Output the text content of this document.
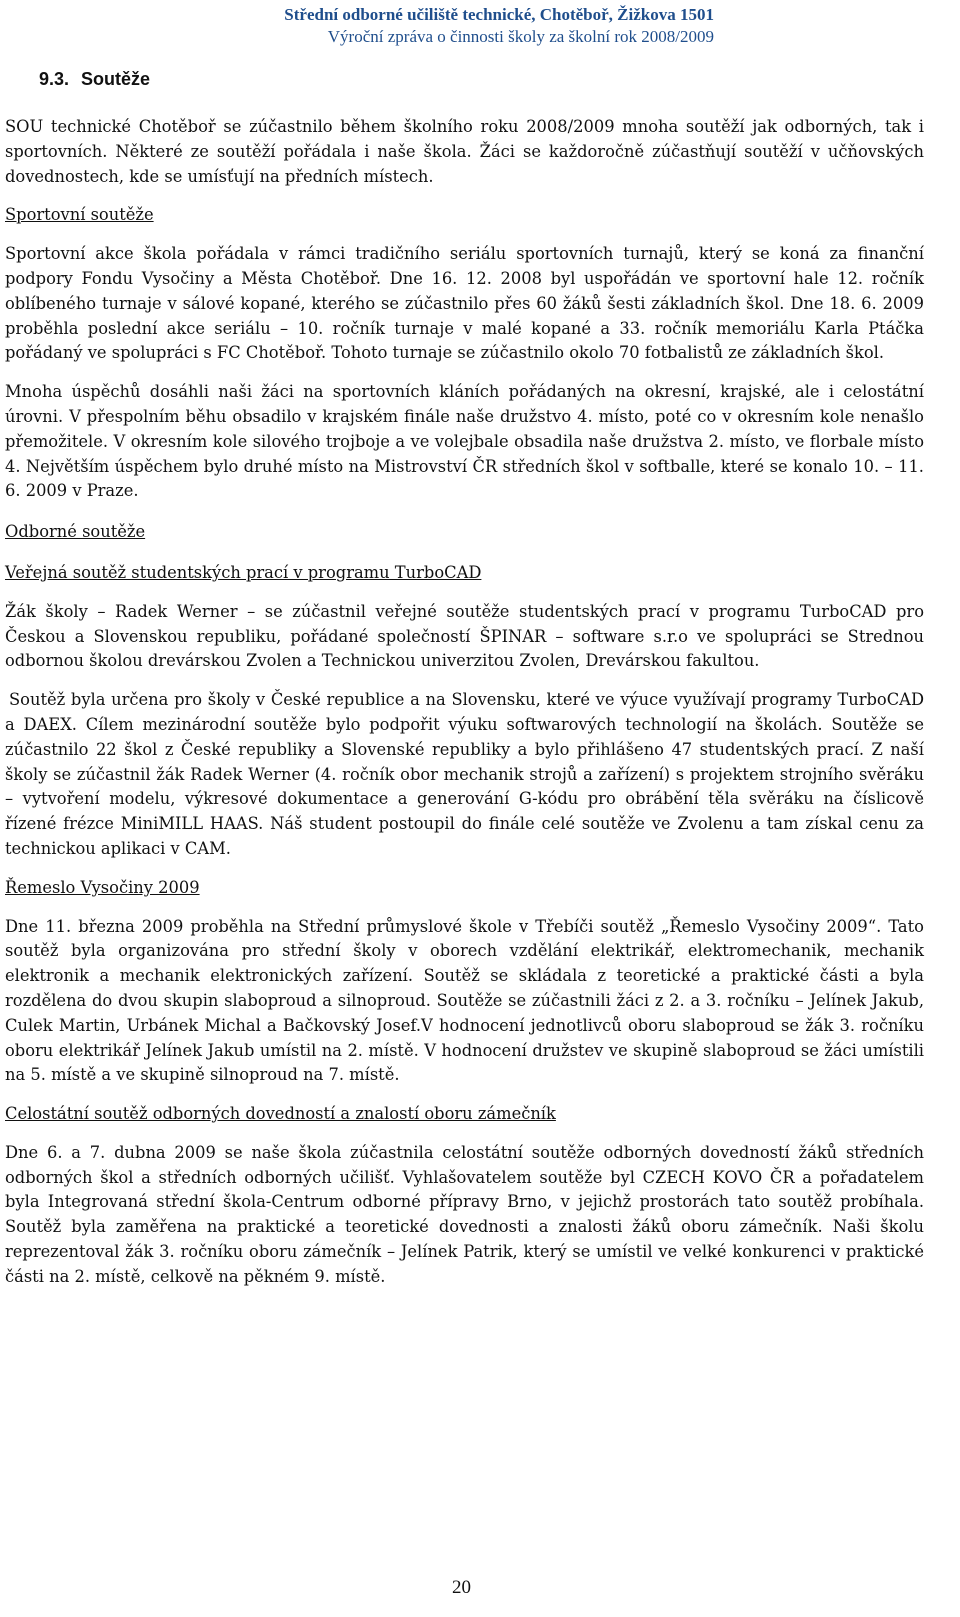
Střední odborné učiliště technické, Chotěboř, Žižkova 1501
Výroční zpráva o činnosti školy za školní rok 2008/2009
9.3. Soutěže

SOU technické Chotěboř se zúčastnilo během školního roku 2008/2009 mnoha soutěží jak odborných, tak i sportovních. Některé ze soutěží pořádala i naše škola. Žáci se každoročně zúčastňují soutěží v učňovských dovednostech, kde se umísťují na předních místech.

Sportovní soutěže

Sportovní akce škola pořádala v rámci tradičního seriálu sportovních turnajů, který se koná za finanční podpory Fondu Vysočiny a Města Chotěboř. Dne 16. 12. 2008 byl uspořádán ve sportovní hale 12. ročník oblíbeného turnaje v sálové kopané, kterého se zúčastnilo přes 60 žáků šesti základních škol. Dne 18. 6. 2009 proběhla poslední akce seriálu – 10. ročník turnaje v malé kopané a 33. ročník memoriálu Karla Ptáčka pořádaný ve spolupráci s FC Chotěboř. Tohoto turnaje se zúčastnilo okolo 70 fotbalistů ze základních škol.

Mnoha úspěchů dosáhli naši žáci na sportovních kláních pořádaných na okresní, krajské, ale i celostátní úrovni. V přespolním běhu obsadilo v krajském finále naše družstvo 4. místo, poté co v okresním kole nenašlo přemožitele. V okresním kole silového trojboje a ve volejbale obsadila naše družstva 2. místo, ve florbale místo 4. Největším úspěchem bylo druhé místo na Mistrovství ČR středních škol v softballe, které se konalo 10. – 11. 6. 2009 v Praze.

Odborné soutěže

Veřejná soutěž studentských prací v programu TurboCAD

Žák školy – Radek Werner – se zúčastnil veřejné soutěže studentských prací v programu TurboCAD pro Českou a Slovenskou republiku, pořádané společností ŠPINAR – software s.r.o ve spolupráci se Strednou odbornou školou drevárskou Zvolen a Technickou univerzitou Zvolen, Drevárskou fakultou.

Soutěž byla určena pro školy v České republice a na Slovensku, které ve výuce využívají programy TurboCAD a DAEX. Cílem mezinárodní soutěže bylo podpořit výuku softwarových technologií na školách. Soutěže se zúčastnilo 22 škol z České republiky a Slovenské republiky a bylo přihlášeno 47 studentských prací. Z naší školy se zúčastnil žák Radek Werner (4. ročník obor mechanik strojů a zařízení) s projektem strojního svěráku – vytvoření modelu, výkresové dokumentace a generování G-kódu pro obrábění těla svěráku na číslicově řízené frézce MiniMILL HAAS. Náš student postoupil do finále celé soutěže ve Zvolenu a tam získal cenu za technickou aplikaci v CAM.

Řemeslo Vysočiny 2009

Dne 11. března 2009 proběhla na Střední průmyslové škole v Třebíči soutěž „Řemeslo Vysočiny 2009“. Tato soutěž byla organizována pro střední školy v oborech vzdělání elektrikář, elektromechanik, mechanik elektronik a mechanik elektronických zařízení. Soutěž se skládala z teoretické a praktické části a byla rozdělena do dvou skupin slaboproud a silnoproud. Soutěže se zúčastnili žáci z 2. a 3. ročníku – Jelínek Jakub, Culek Martin, Urbánek Michal a Bačkovský Josef.V hodnocení jednotlivců oboru slaboproud se žák 3. ročníku oboru elektrikář Jelínek Jakub umístil na 2. místě. V hodnocení družstev ve skupině slaboproud se žáci umístili na 5. místě a ve skupině silnoproud na 7. místě.

Celostátní soutěž odborných dovedností a znalostí oboru zámečník

Dne 6. a 7. dubna 2009 se naše škola zúčastnila celostátní soutěže odborných dovedností žáků středních odborných škol a středních odborných učilišť. Vyhlašovatelem soutěže byl CZECH KOVO ČR a pořadatelem byla Integrovaná střední škola-Centrum odborné přípravy Brno, v jejichž prostorách tato soutěž probíhala. Soutěž byla zaměřena na praktické a teoretické dovednosti a znalosti žáků oboru zámečník. Naši školu reprezentoval žák 3. ročníku oboru zámečník – Jelínek Patrik, který se umístil ve velké konkurenci v praktické části na 2. místě, celkově na pěkném 9. místě.

20
